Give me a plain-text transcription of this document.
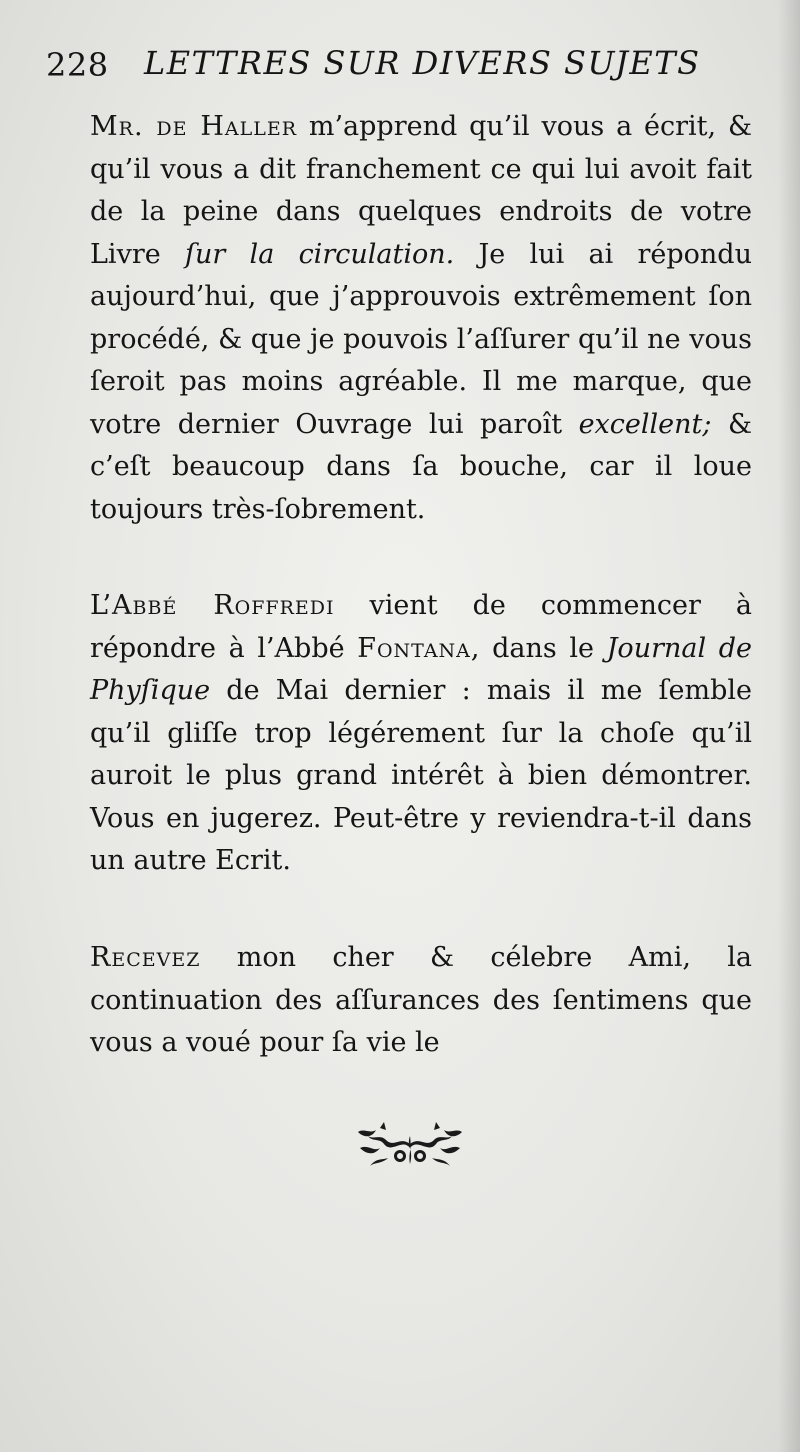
228 LETTRES SUR DIVERS SUJETS

Mr. de Haller m’apprend qu’il vous a écrit, & qu’il vous a dit franchement ce qui lui avoit fait de la peine dans quelques endroits de votre Livre ſur la circulation. Je lui ai répondu aujourd’hui, que j’approuvois extrêmement ſon procédé, & que je pouvois l’aſſurer qu’il ne vous ſeroit pas moins agréable. Il me marque, que votre dernier Ouvrage lui paroît excellent; & c’eſt beaucoup dans ſa bouche, car il loue toujours très-ſobrement.

L’Abbé Roffredi vient de commencer à répondre à l’Abbé Fontana, dans le Journal de Phyſique de Mai dernier : mais il me ſemble qu’il gliſſe trop légérement ſur la choſe qu’il auroit le plus grand intérêt à bien démontrer. Vous en jugerez. Peut-être y reviendra-t-il dans un autre Ecrit.

Recevez mon cher & célebre Ami, la continuation des aſſurances des ſentimens que vous a voué pour ſa vie le
